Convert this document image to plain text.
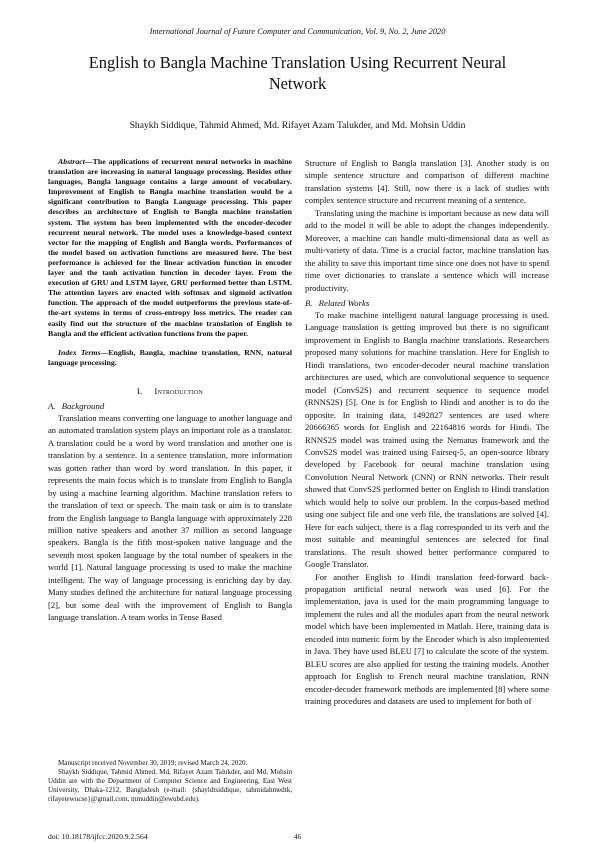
International Journal of Future Computer and Communication, Vol. 9, No. 2, June 2020
English to Bangla Machine Translation Using Recurrent Neural Network
Shaykh Siddique, Tahmid Ahmed, Md. Rifayet Azam Talukder, and Md. Mohsin Uddin

Abstract—The applications of recurrent neural networks in machine translation are increasing in natural language processing. Besides other languages, Bangla language contains a large amount of vocabulary. Improvement of English to Bangla machine translation would be a significant contribution to Bangla Language processing. This paper describes an architecture of English to Bangla machine translation system. The system has been implemented with the encoder-decoder recurrent neural network. The model uses a knowledge-based context vector for the mapping of English and Bangla words. Performances of the model based on activation functions are measured here. The best performance is achieved for the linear activation function in encoder layer and the tanh activation function in decoder layer. From the execution of GRU and LSTM layer, GRU performed better than LSTM. The attention layers are enacted with softmax and sigmoid activation function. The approach of the model outperforms the previous state-of-the-art systems in terms of cross-entropy loss metrics. The reader can easily find out the structure of the machine translation of English to Bangla and the efficient activation functions from the paper.

Index Terms—English, Bangla, machine translation, RNN, natural language processing.

I. Introduction
A. Background

Translation means converting one language to another language and an automated translation system plays an important role as a translator. A translation could be a word by word translation and another one is translation by a sentence. In a sentence translation, more information was gotten rather than word by word translation. In this paper, it represents the main focus which is to translate from English to Bangla by using a machine learning algorithm. Machine translation refers to the translation of text or speech. The main task or aim is to translate from the English language to Bangla language with approximately 228 million native speakers and another 37 million as second language speakers. Bangla is the fifth most-spoken native language and the seventh most spoken language by the total number of speakers in the world [1]. Natural language processing is used to make the machine intelligent. The way of language processing is enriching day by day. Many studies defined the architecture for natural language processing [2], but some deal with the improvement of English to Bangla language translation. A team works in Tense Based

Manuscript received November 30, 2019; revised March 24, 2020.

Shaykh Siddique, Tahmid Ahmed, Md. Rifayet Azam Talukder, and Md. Mohsin Uddin are with the Department of Computer Science and Engineering, East West University, Dhaka-1212, Bangladesh (e-mail: {shayldtsiddique, tahmidahmedtk, rifayetewucse}@gmail.com, mmuddin@ewubd.edu).

Structure of English to Bangla translation [3]. Another study is on simple sentence structure and comparison of different machine translation systems [4]. Still, now there is a lack of studies with complex sentence structure and recurrent meaning of a sentence.

Translating using the machine is important because as new data will add to the model it will be able to adopt the changes independently. Moreover, a machine can handle multi-dimensional data as well as multi-variety of data. Time is a crucial factor, machine translation has the ability to save this important time since one does not have to spend time over dictionaries to translate a sentence which will increase productivity.

B. Related Works

To make machine intelligent natural language processing is used. Language translation is getting improved but there is no significant improvement in English to Bangla machine translations. Researchers proposed many solutions for machine translation. Here for English to Hindi translations, two encoder-decoder neural machine translation architectures are used, which are convolutional sequence to sequence model (ConvS2S) and recurrent sequence to sequence model (RNNS2S) [5]. One is for English to Hindi and another is to do the opposite. In training data, 1492827 sentences are used where 20666365 words for English and 22164816 words for Hindi. The RNNS2S model was trained using the Nematus framework and the ConvS2S model was trained using Fairseq-5, an open-source library developed by Facebook for neural machine translation using Convolution Neural Network (CNN) or RNN networks. Their result showed that ConvS2S performed better on English to Hindi translation which would help to solve our problem. In the corpus-based method using one subject file and one verb file, the translations are solved [4]. Here for each subject, there is a flag corresponded to its verb and the most suitable and meaningful sentences are selected for final translations. The result showed better performance compared to Google Translator.

For another English to Hindi translation feed-forward back-propagation artificial neural network was used [6]. For the implementation, java is used for the main programming language to implement the rules and all the modules apart from the neural network model which have been implemented in Matlab. Here, training data is encoded into numeric form by the Encoder which is also implemented in Java. They have used BLEU [7] to calculate the score of the system. BLEU scores are also applied for testing the training models. Another approach for English to French neural machine translation, RNN encoder-decoder framework methods are implemented [8] where some training procedures and datasets are used to implement for both of

doi: 10.18178/ijfcc.2020.9.2.564	46
